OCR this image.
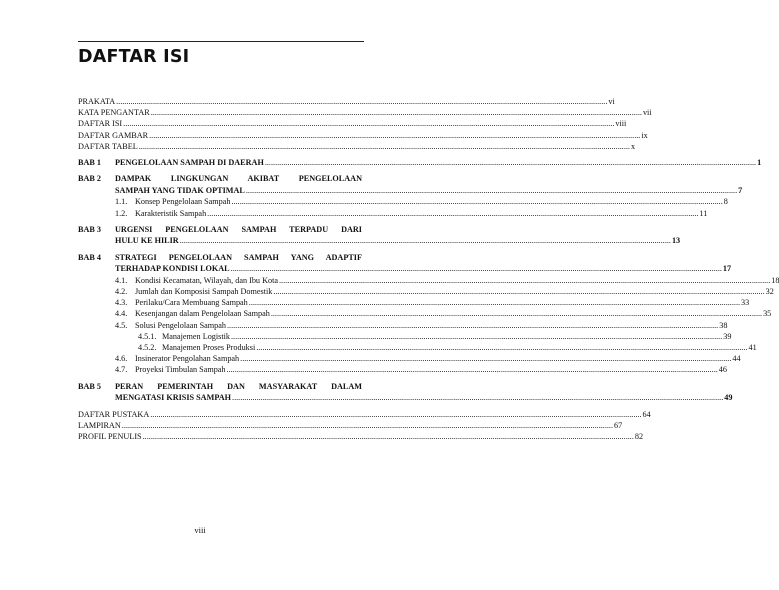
DAFTAR ISI
PRAKATA .....	vi
KATA PENGANTAR .....	vii
DAFTAR ISI .....	viii
DAFTAR GAMBAR .....	ix
DAFTAR TABEL .....	x
BAB 1	PENGELOLAAN SAMPAH DI DAERAH .....	1
BAB 2	DAMPAK LINGKUNGAN AKIBAT PENGELOLAAN
SAMPAH YANG TIDAK OPTIMAL .....	7
1.1. Konsep Pengelolaan Sampah .....	8
1.2. Karakteristik Sampah .....	11
BAB 3	URGENSI PENGELOLAAN SAMPAH TERPADU DARI
HULU KE HILIR .....	13
BAB 4	STRATEGI PENGELOLAAN SAMPAH YANG ADAPTIF
TERHADAP KONDISI LOKAL .....	17
4.1. Kondisi Kecamatan, Wilayah, dan Ibu Kota .....	18
4.2. Jumlah dan Komposisi Sampah Domestik .....	32
4.3. Perilaku/Cara Membuang Sampah .....	33
4.4. Kesenjangan dalam Pengelolaan Sampah .....	35
4.5. Solusi Pengelolaan Sampah .....	38
4.5.1. Manajemen Logistik .....	39
4.5.2. Manajemen Proses Produksi .....	41
4.6. Insinerator Pengolahan Sampah .....	44
4.7. Proyeksi Timbulan Sampah .....	46
BAB 5	PERAN PEMERINTAH DAN MASYARAKAT DALAM
MENGATASI KRISIS SAMPAH .....	49
DAFTAR PUSTAKA .....	64
LAMPIRAN .....	67
PROFIL PENULIS .....	82
viii
